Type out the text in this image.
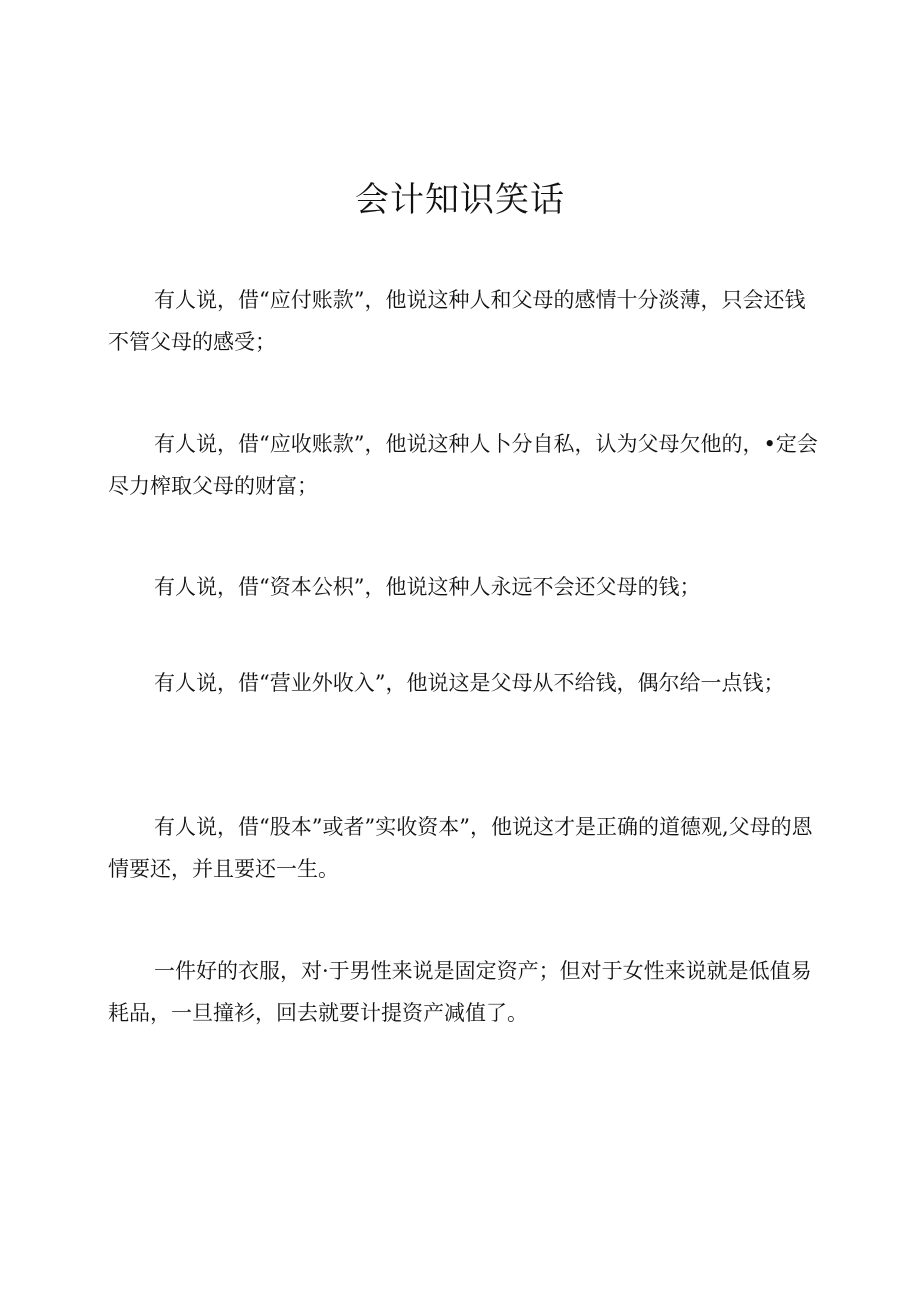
会计知识笑话

有人说，借“应付账款”，他说这种人和父母的感情十分淡薄，只会还钱不管父母的感受；

有人说，借“应收账款”，他说这种人卜分自私，认为父母欠他的，•定会尽力榨取父母的财富；

有人说，借“资本公枳”，他说这种人永远不会还父母的钱；

有人说，借“营业外收入”，他说这是父母从不给钱，偶尔给一点钱；

有人说，借“股本”或者”实收资本”，他说这才是正确的道德观,父母的恩情要还，并且要还一生。

一件好的衣服，对·于男性来说是固定资产；但对于女性来说就是低值易耗品，一旦撞衫，回去就要计提资产减值了。
